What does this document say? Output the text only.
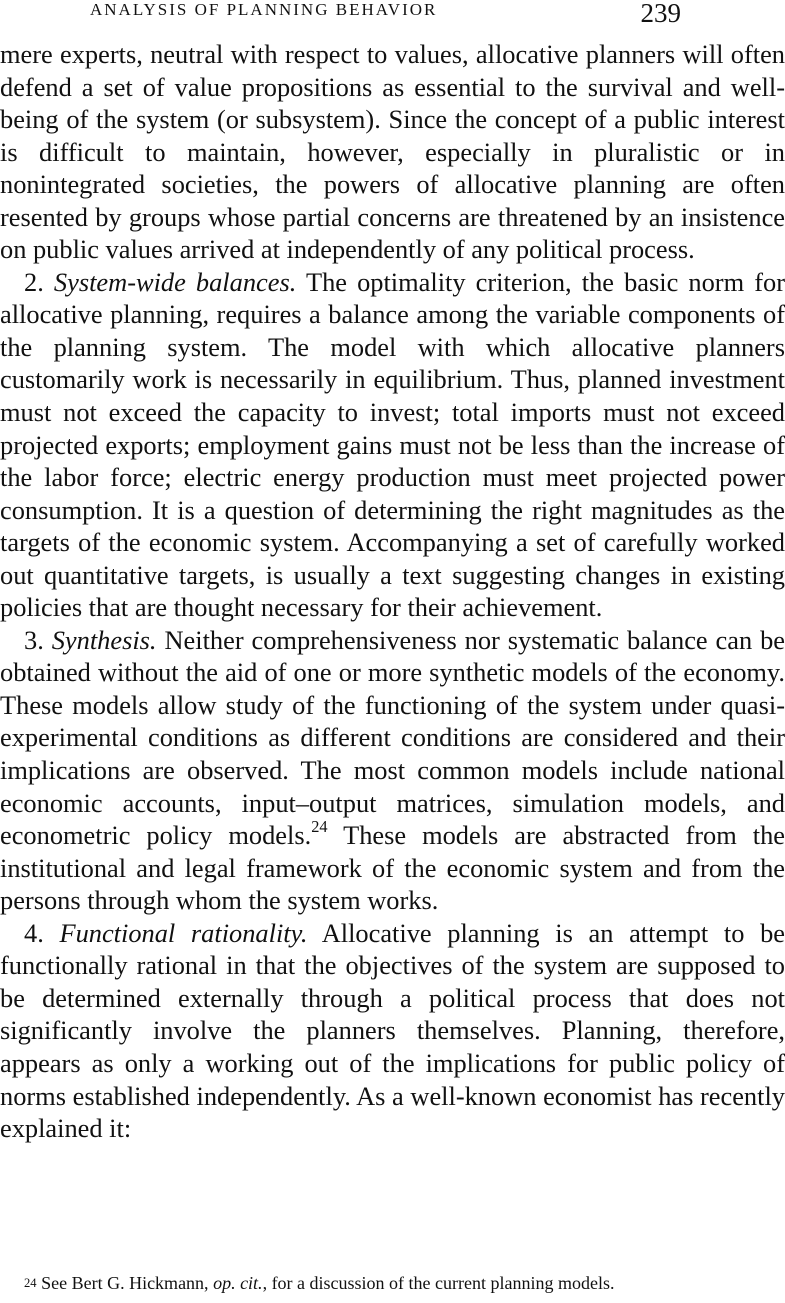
ANALYSIS OF PLANNING BEHAVIOR	239

mere experts, neutral with respect to values, allocative planners will often defend a set of value propositions as essential to the survival and well-being of the system (or subsystem). Since the concept of a public interest is difficult to maintain, however, especially in pluralistic or in nonintegrated societies, the powers of allocative planning are often resented by groups whose partial concerns are threatened by an insistence on public values arrived at independently of any political process.

2. System-wide balances. The optimality criterion, the basic norm for allocative planning, requires a balance among the variable components of the planning system. The model with which allocative planners customarily work is necessarily in equilibrium. Thus, planned investment must not exceed the capacity to invest; total imports must not exceed projected exports; employment gains must not be less than the increase of the labor force; electric energy production must meet projected power consumption. It is a question of determining the right magnitudes as the targets of the economic system. Accompanying a set of carefully worked out quantitative targets, is usually a text suggesting changes in existing policies that are thought necessary for their achievement.

3. Synthesis. Neither comprehensiveness nor systematic balance can be obtained without the aid of one or more synthetic models of the economy. These models allow study of the functioning of the system under quasi-experimental conditions as different conditions are considered and their implications are observed. The most common models include national economic accounts, input–output matrices, simulation models, and econometric policy models.$^{24}$ These models are abstracted from the institutional and legal framework of the economic system and from the persons through whom the system works.

4. Functional rationality. Allocative planning is an attempt to be functionally rational in that the objectives of the system are supposed to be determined externally through a political process that does not significantly involve the planners themselves. Planning, therefore, appears as only a working out of the implications for public policy of norms established independently. As a well-known economist has recently explained it:

$^{24}$ See Bert G. Hickmann, op. cit., for a discussion of the current planning models.
